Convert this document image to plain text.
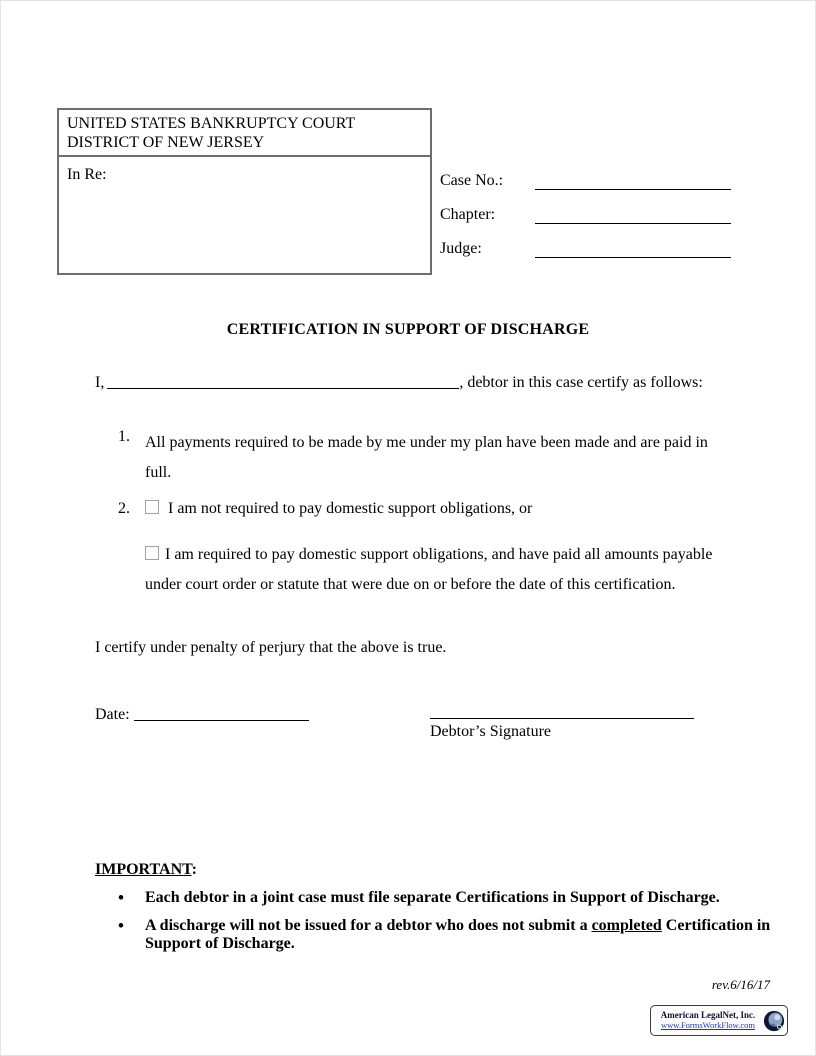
UNITED STATES BANKRUPTCY COURT
DISTRICT OF NEW JERSEY
In Re:	Case No.:
Chapter:
Judge:
CERTIFICATION IN SUPPORT OF DISCHARGE
I,	, debtor in this case certify as follows:
1. All payments required to be made by me under my plan have been made and are paid in full.
2. I am not required to pay domestic support obligations, or
I am required to pay domestic support obligations, and have paid all amounts payable under court order or statute that were due on or before the date of this certification.
I certify under penalty of perjury that the above is true.
Date:
Debtor’s Signature
IMPORTANT:
• Each debtor in a joint case must file separate Certifications in Support of Discharge.
• A discharge will not be issued for a debtor who does not submit a completed Certification in Support of Discharge.
rev.6/16/17
American LegalNet, Inc.
www.FormsWorkFlow.com
